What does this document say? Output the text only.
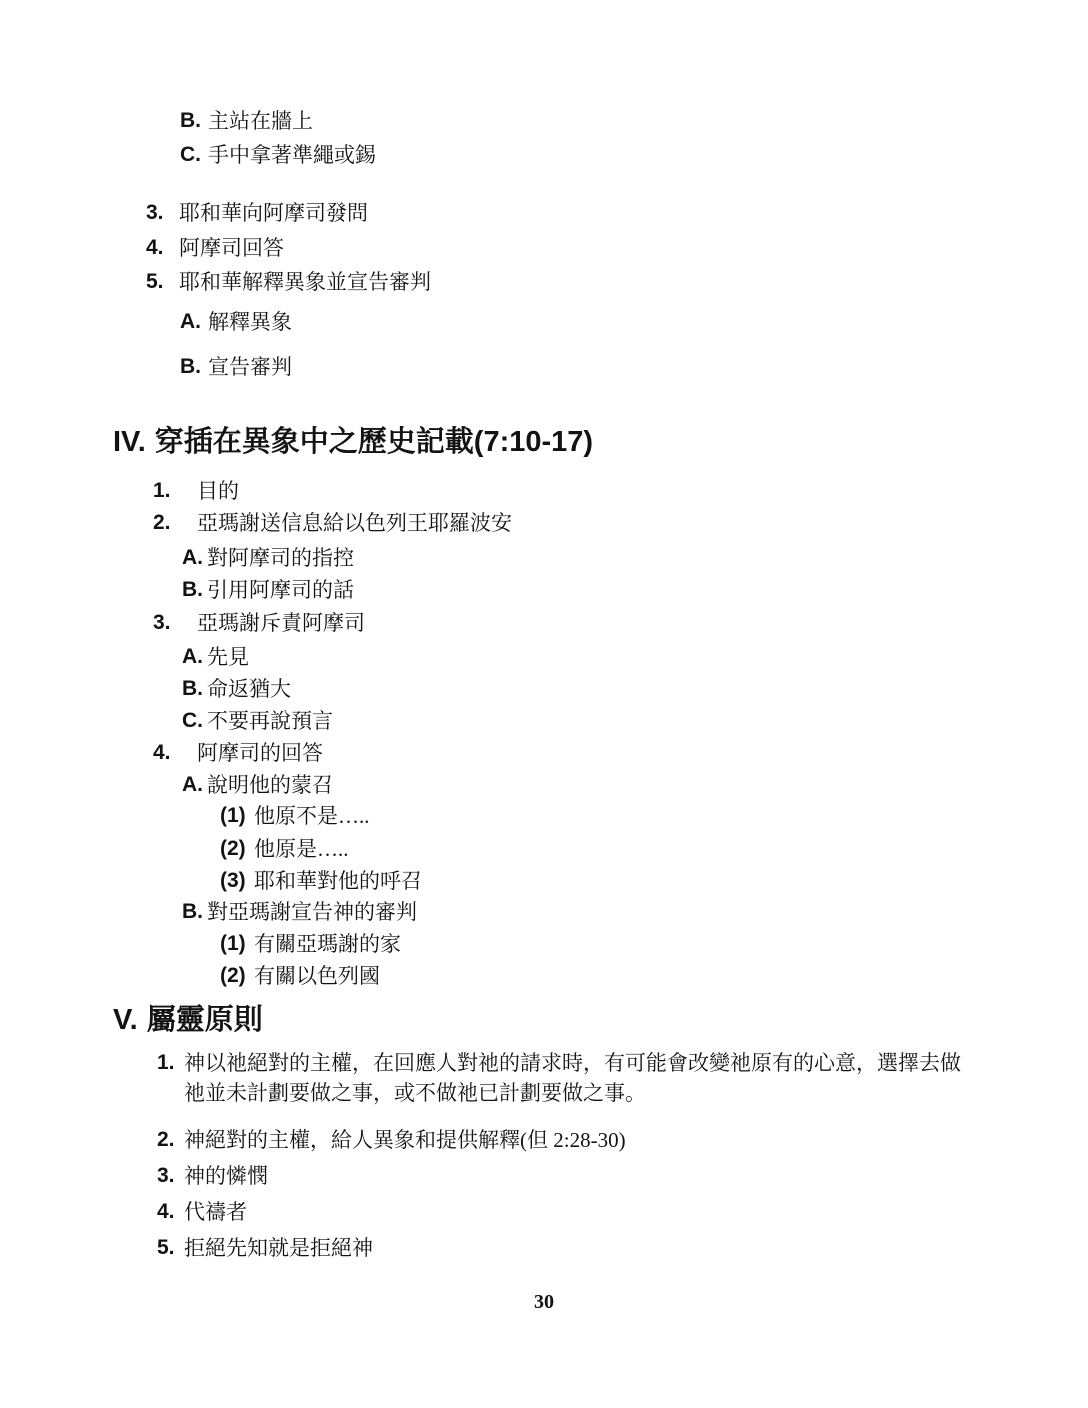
B. 主站在牆上
C. 手中拿著準繩或錫
3. 耶和華向阿摩司發問
4. 阿摩司回答
5. 耶和華解釋異象並宣告審判
A. 解釋異象
B. 宣告審判
IV. 穿插在異象中之歷史記載(7:10-17)
1.	目的
2.	亞瑪謝送信息給以色列王耶羅波安
A. 對阿摩司的指控
B. 引用阿摩司的話
3.	亞瑪謝斥責阿摩司
A. 先見
B. 命返猶大
C. 不要再說預言
4.	阿摩司的回答
A. 說明他的蒙召
(1) 他原不是…..
(2) 他原是…..
(3) 耶和華對他的呼召
B. 對亞瑪謝宣告神的審判
(1) 有關亞瑪謝的家
(2) 有關以色列國
V. 屬靈原則
1. 神以祂絕對的主權，在回應人對祂的請求時，有可能會改變祂原有的心意，選擇去做祂並未計劃要做之事，或不做祂已計劃要做之事。
2. 神絕對的主權，給人異象和提供解釋(但 2:28-30)
3. 神的憐憫
4. 代禱者
5. 拒絕先知就是拒絕神
30
